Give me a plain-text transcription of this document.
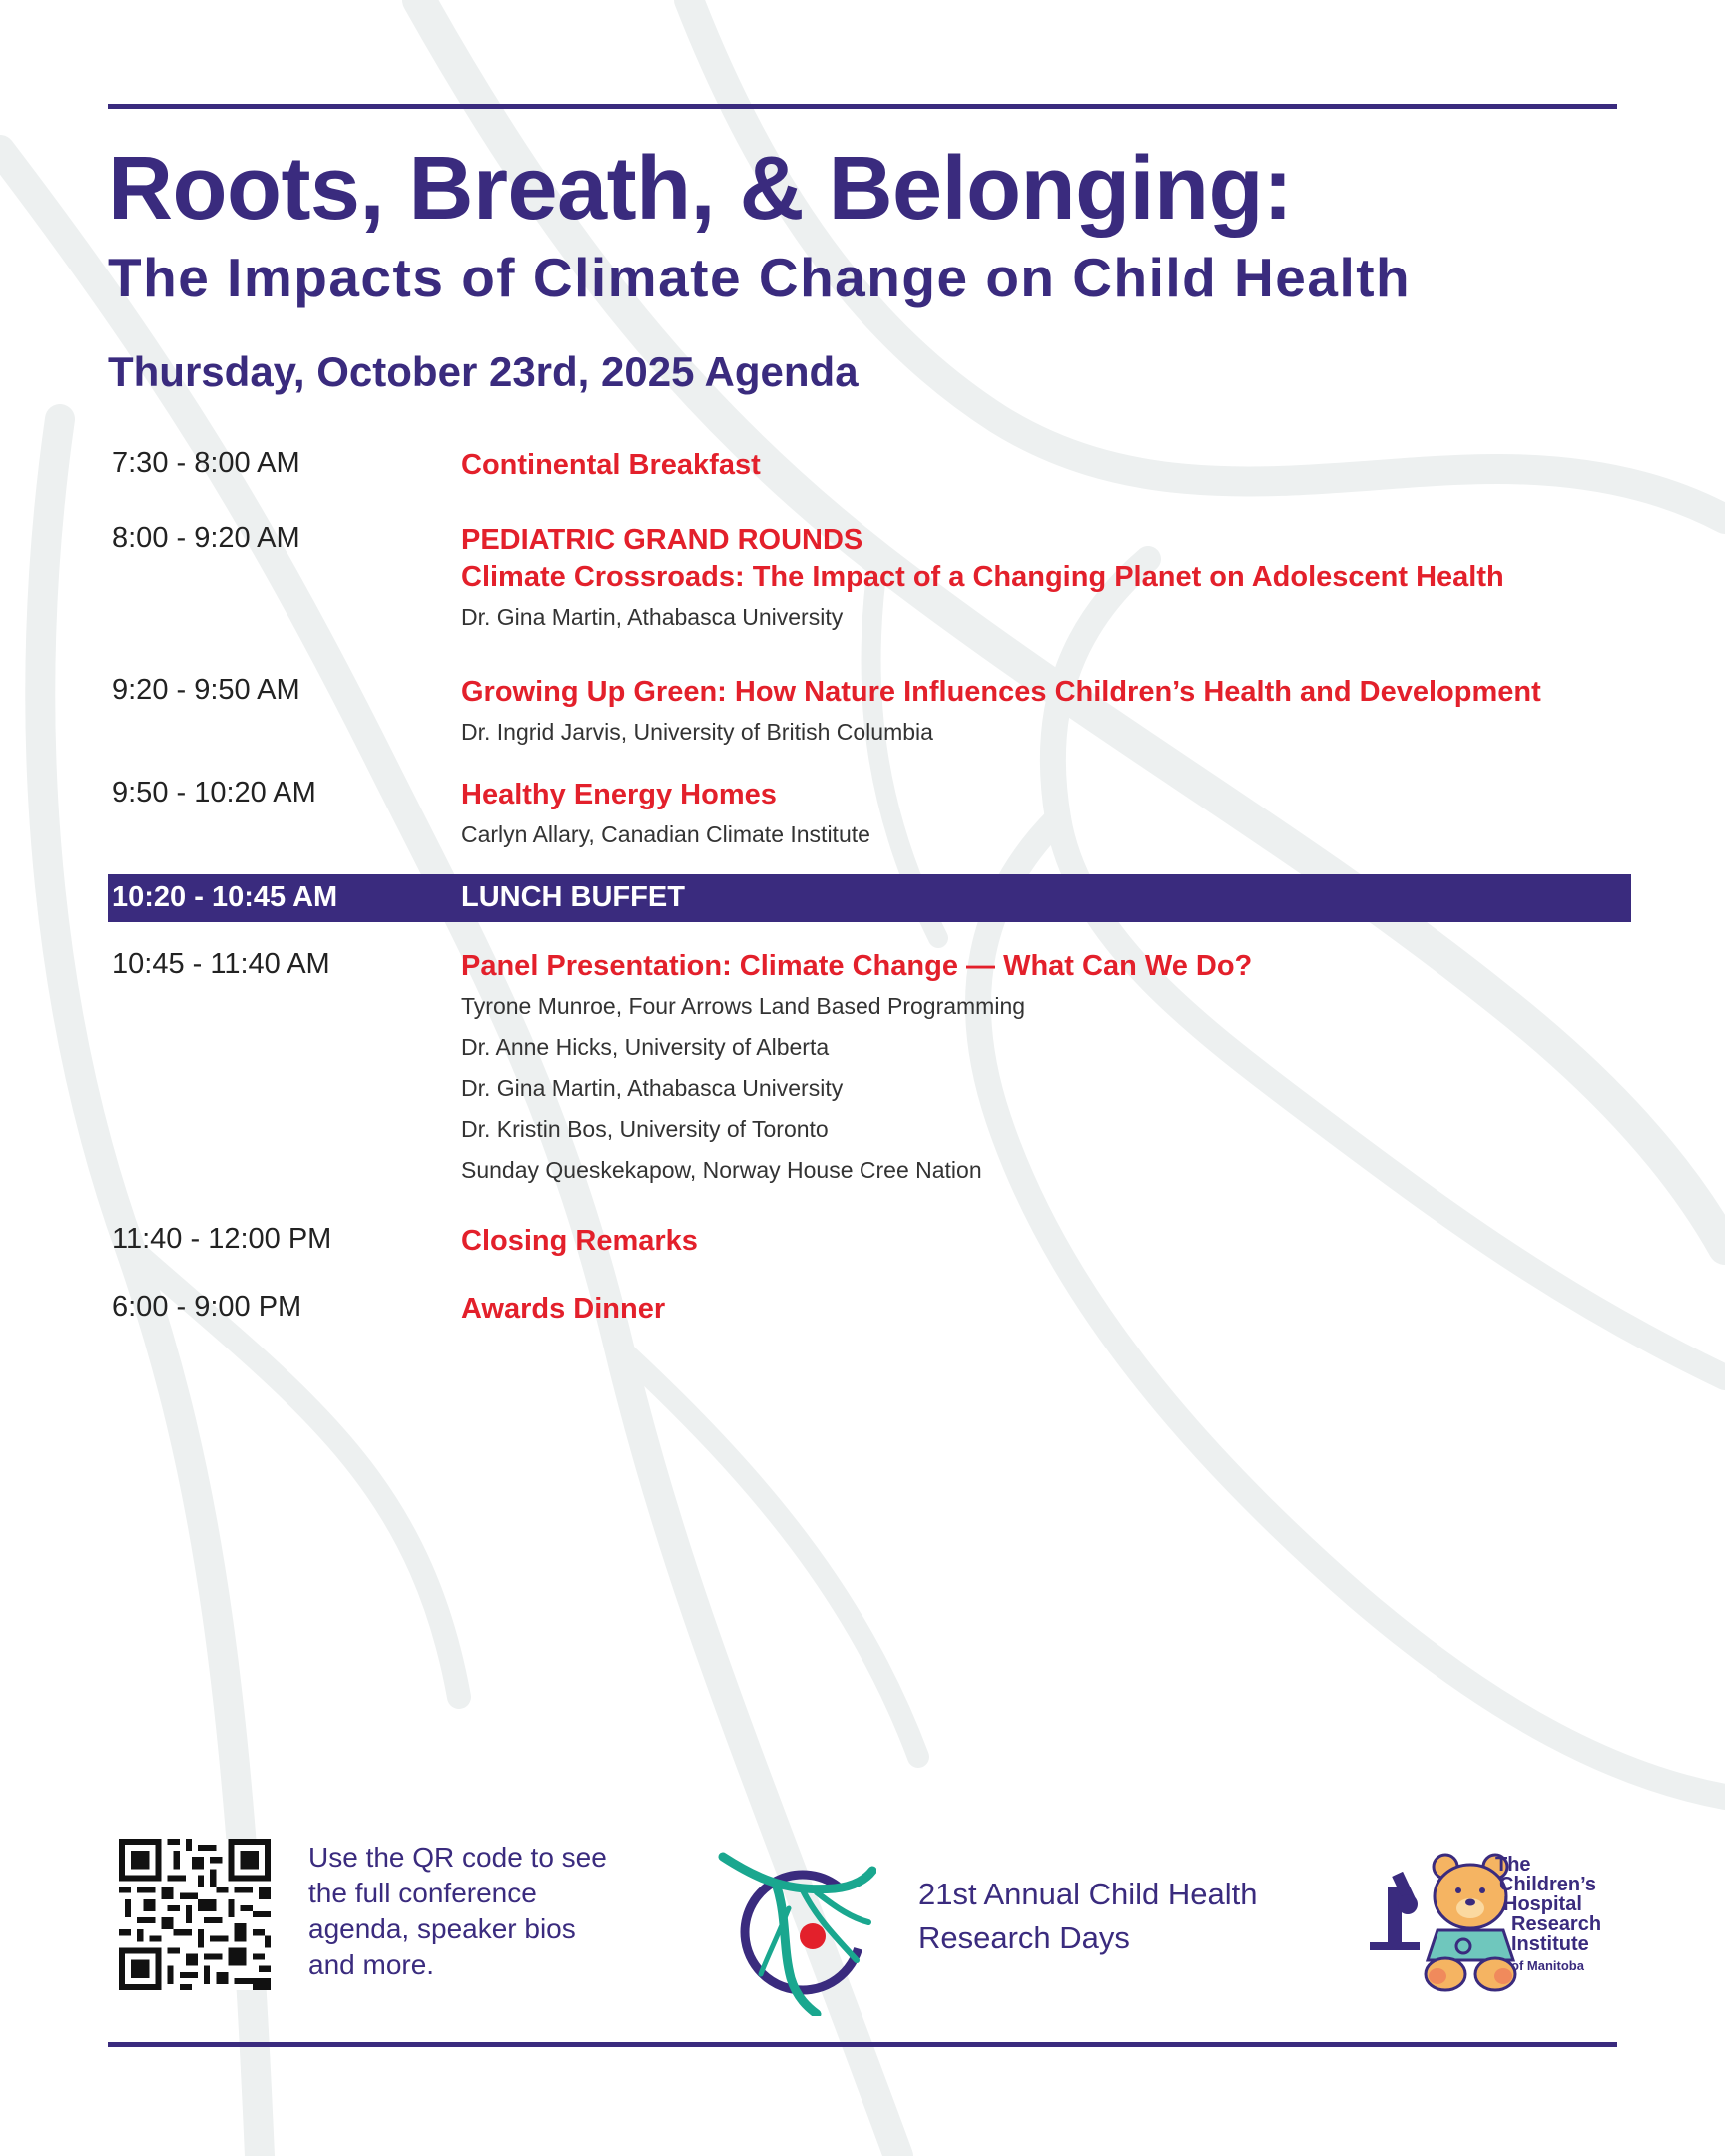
Roots, Breath, & Belonging:
The Impacts of Climate Change on Child Health
Thursday, October 23rd, 2025 Agenda
7:30 - 8:00 AM	Continental Breakfast
8:00 - 9:20 AM	PEDIATRIC GRAND ROUNDS
Climate Crossroads: The Impact of a Changing Planet on Adolescent Health
Dr. Gina Martin, Athabasca University
9:20 - 9:50 AM	Growing Up Green: How Nature Influences Children’s Health and Development
Dr. Ingrid Jarvis, University of British Columbia
9:50 - 10:20 AM	Healthy Energy Homes
Carlyn Allary, Canadian Climate Institute
10:20 - 10:45 AM	LUNCH BUFFET
10:45 - 11:40 AM	Panel Presentation: Climate Change — What Can We Do?
Tyrone Munroe, Four Arrows Land Based Programming
Dr. Anne Hicks, University of Alberta
Dr. Gina Martin, Athabasca University
Dr. Kristin Bos, University of Toronto
Sunday Queskekapow, Norway House Cree Nation
11:40 - 12:00 PM	Closing Remarks
6:00 - 9:00 PM	Awards Dinner
Use the QR code to see the full conference agenda, speaker bios and more.
21st Annual Child Health Research Days
The
Children’s
Hospital
Research
Institute
of Manitoba
